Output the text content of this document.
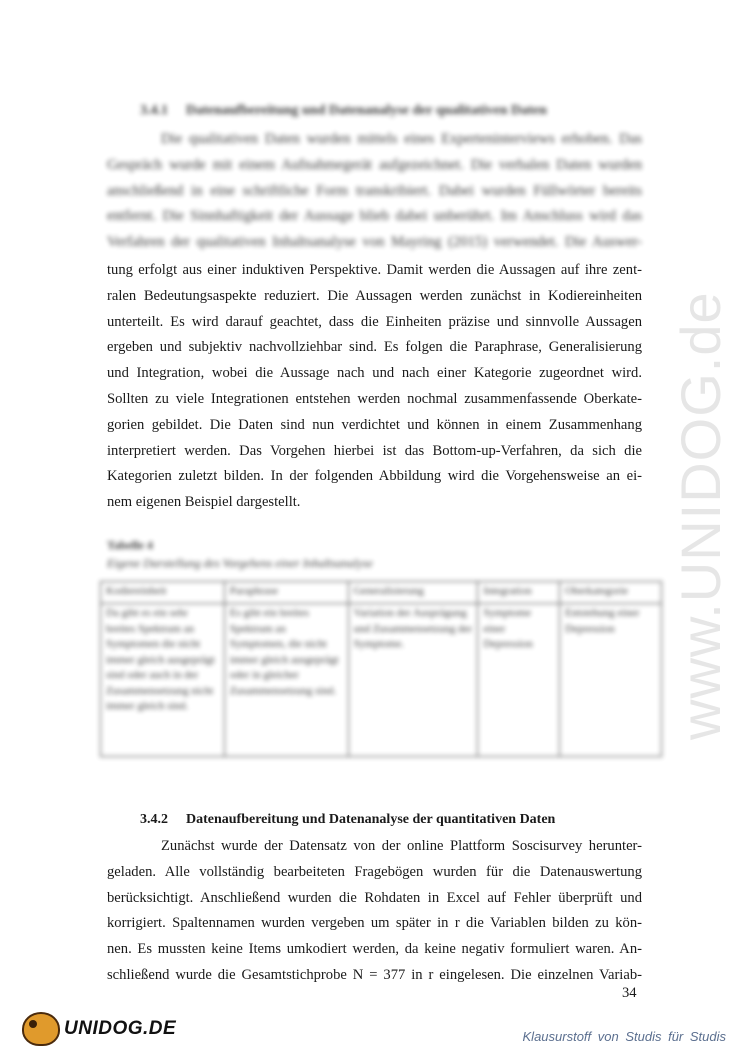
www.UNIDOG.de
3.4.1 Datenaufbereitung und Datenanalyse der qualitativen Daten
Die qualitativen Daten wurden mittels eines Experteninterviews erhoben. Das
Gespräch wurde mit einem Aufnahmegerät aufgezeichnet. Die verbalen Daten wurden
anschließend in eine schriftliche Form transkribiert. Dabei wurden Füllwörter bereits
entfernt. Die Sinnhaftigkeit der Aussage blieb dabei unberührt. Im Anschluss wird das
Verfahren der qualitativen Inhaltsanalyse von Mayring (2015) verwendet. Die Auswer-
tung erfolgt aus einer induktiven Perspektive. Damit werden die Aussagen auf ihre zent-
ralen Bedeutungsaspekte reduziert. Die Aussagen werden zunächst in Kodiereinheiten
unterteilt. Es wird darauf geachtet, dass die Einheiten präzise und sinnvolle Aussagen
ergeben und subjektiv nachvollziehbar sind. Es folgen die Paraphrase, Generalisierung
und Integration, wobei die Aussage nach und nach einer Kategorie zugeordnet wird.
Sollten zu viele Integrationen entstehen werden nochmal zusammenfassende Oberkate-
gorien gebildet. Die Daten sind nun verdichtet und können in einem Zusammenhang
interpretiert werden. Das Vorgehen hierbei ist das Bottom-up-Verfahren, da sich die
Kategorien zuletzt bilden. In der folgenden Abbildung wird die Vorgehensweise an ei-
nem eigenen Beispiel dargestellt.
Tabelle 4
Eigene Darstellung des Vorgehens einer Inhaltsanalyse
Kodiereinheit	Paraphrase	Generalisierung	Integration	Oberkategorie
Da gibt es ein sehr breites Spektrum an Symptomen die nicht immer gleich ausgeprägt sind oder auch in der Zusammensetzung nicht immer gleich sind.	Es gibt ein breites Spektrum an Symptomen, die nicht immer gleich ausgeprägt oder in gleicher Zusammensetzung sind.	Variation der Ausprägung und Zusammensetzung der Symptome.	Symptome einer Depression	Entstehung einer Depression
3.4.2 Datenaufbereitung und Datenanalyse der quantitativen Daten
Zunächst wurde der Datensatz von der online Plattform Soscisurvey herunter-
geladen. Alle vollständig bearbeiteten Fragebögen wurden für die Datenauswertung
berücksichtigt. Anschließend wurden die Rohdaten in Excel auf Fehler überprüft und
korrigiert. Spaltennamen wurden vergeben um später in r die Variablen bilden zu kön-
nen. Es mussten keine Items umkodiert werden, da keine negativ formuliert waren. An-
schließend wurde die Gesamtstichprobe N = 377 in r eingelesen. Die einzelnen Variab-
34
UNIDOG.DE	Klausurstoff von Studis für Studis
